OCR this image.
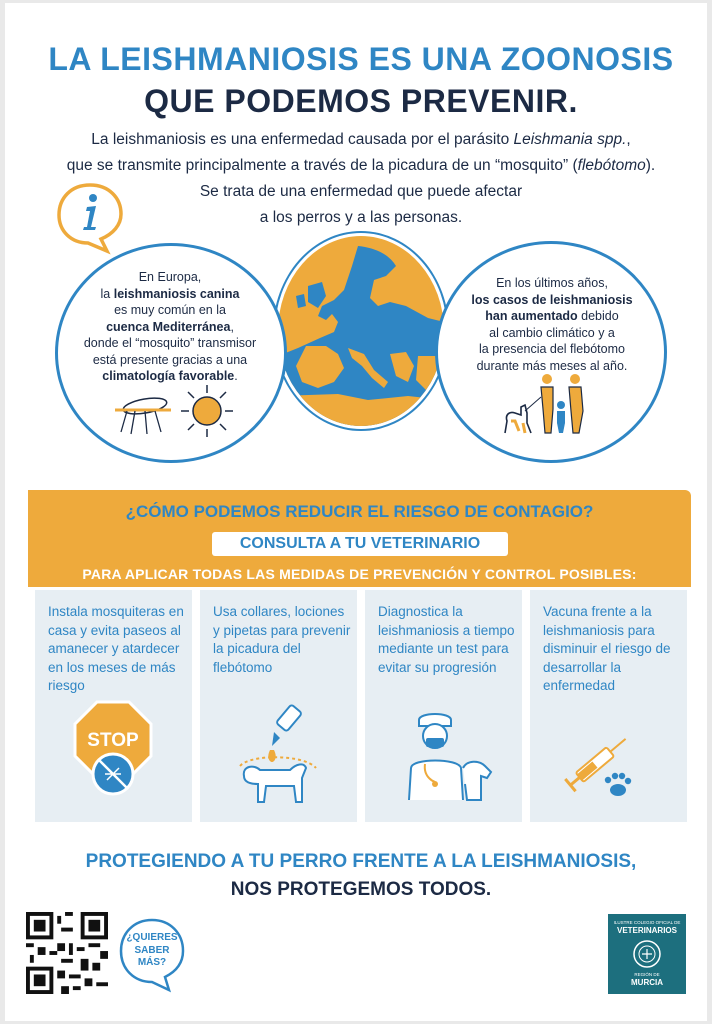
LA LEISHMANIOSIS ES UNA ZOONOSIS
QUE PODEMOS PREVENIR.
La leishmaniosis es una enfermedad causada por el parásito Leishmania spp.,
que se transmite principalmente a través de la picadura de un “mosquito” (flebótomo).
Se trata de una enfermedad que puede afectar
a los perros y a las personas.
En Europa,
la leishmaniosis canina
es muy común en la
cuenca Mediterránea,
donde el “mosquito” transmisor
está presente gracias a una
climatología favorable.
En los últimos años,
los casos de leishmaniosis
han aumentado debido
al cambio climático y a
la presencia del flebótomo
durante más meses al año.
¿CÓMO PODEMOS REDUCIR EL RIESGO DE CONTAGIO?
CONSULTA A TU VETERINARIO
PARA APLICAR TODAS LAS MEDIDAS DE PREVENCIÓN Y CONTROL POSIBLES:
Instala mosquiteras en casa y evita paseos al amanecer y atardecer en los meses de más riesgo
STOP
Usa collares, lociones y pipetas para prevenir la picadura del flebótomo
Diagnostica la leishmaniosis a tiempo mediante un test para evitar su progresión
Vacuna frente a la leishmaniosis para disminuir el riesgo de desarrollar la enfermedad
PROTEGIENDO A TU PERRO FRENTE A LA LEISHMANIOSIS,
NOS PROTEGEMOS TODOS.
¿QUIERES
SABER
MÁS?
ILUSTRE COLEGIO OFICIAL DE
VETERINARIOS
REGIÓN DE
MURCIA
